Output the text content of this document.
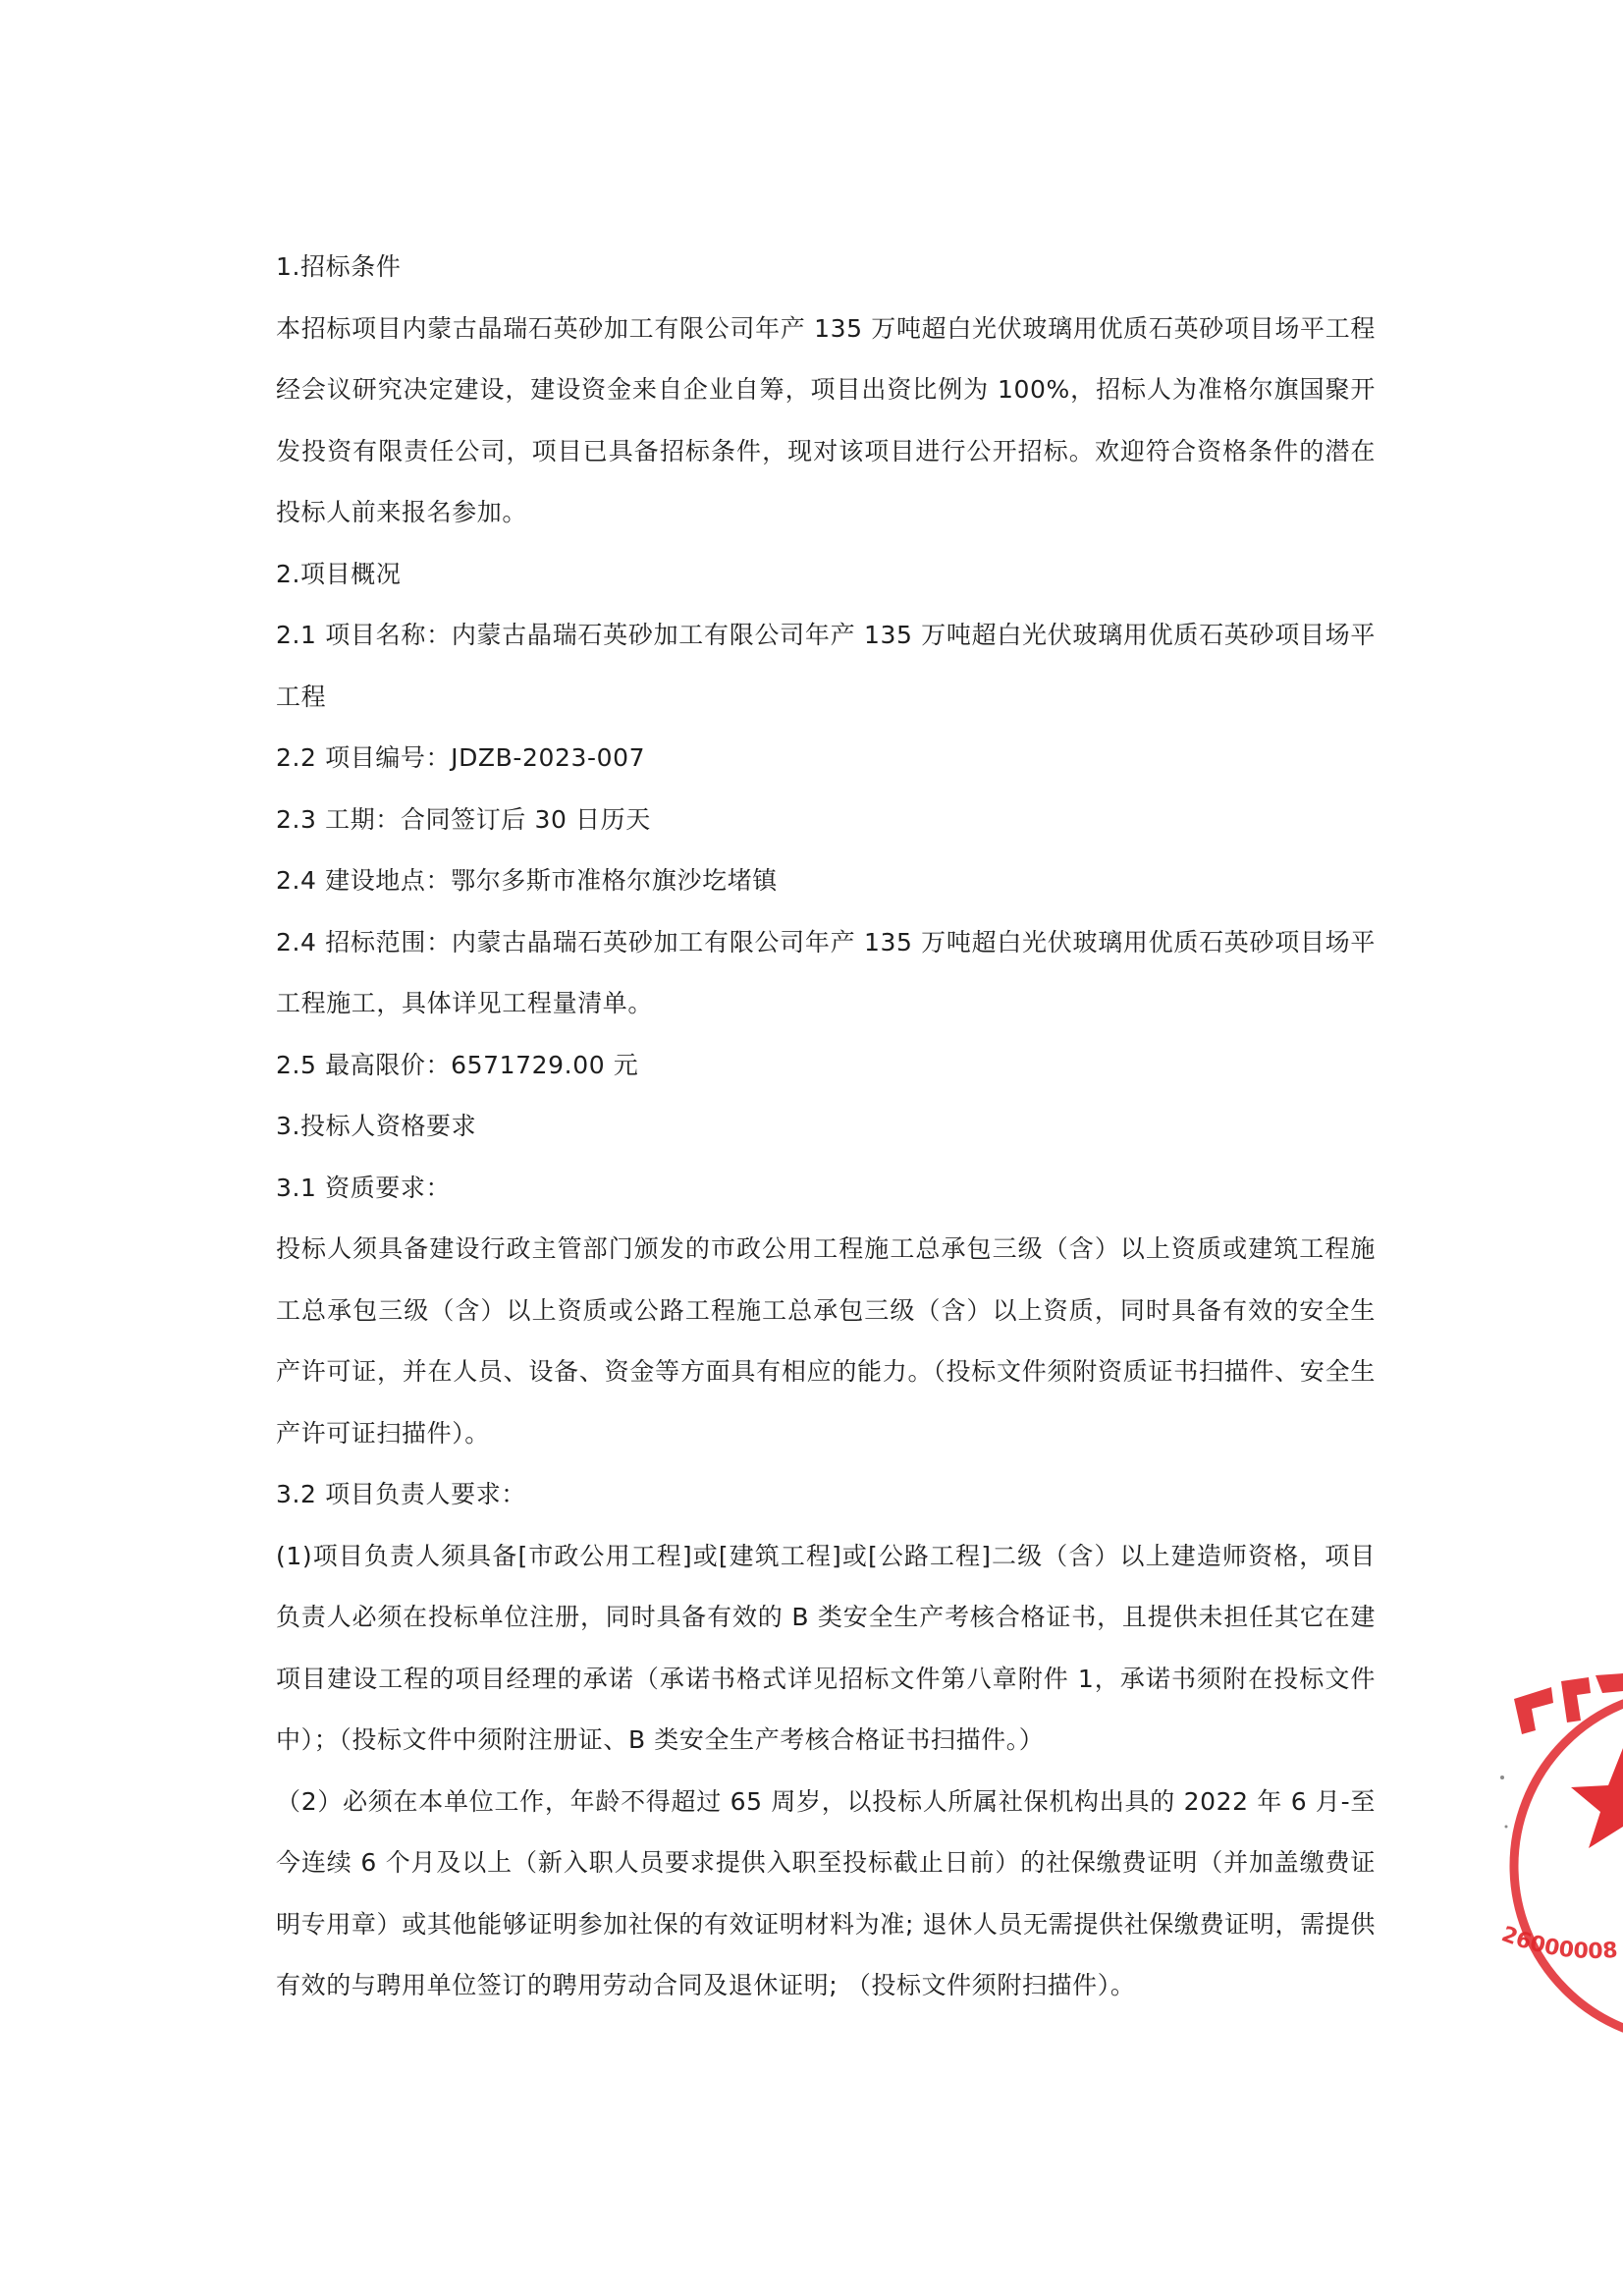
1.招标条件

本招标项目内蒙古晶瑞石英砂加工有限公司年产 135 万吨超白光伏玻璃用优质石英砂项目场平工程经会议研究决定建设，建设资金来自企业自筹，项目出资比例为 100%，招标人为准格尔旗国聚开发投资有限责任公司，项目已具备招标条件，现对该项目进行公开招标。欢迎符合资格条件的潜在投标人前来报名参加。

2.项目概况

2.1 项目名称：内蒙古晶瑞石英砂加工有限公司年产 135 万吨超白光伏玻璃用优质石英砂项目场平工程

2.2 项目编号：JDZB-2023-007

2.3 工期：合同签订后 30 日历天

2.4 建设地点：鄂尔多斯市准格尔旗沙圪堵镇

2.4 招标范围：内蒙古晶瑞石英砂加工有限公司年产 135 万吨超白光伏玻璃用优质石英砂项目场平工程施工，具体详见工程量清单。

2.5 最高限价：6571729.00 元

3.投标人资格要求

3.1 资质要求：

投标人须具备建设行政主管部门颁发的市政公用工程施工总承包三级（含）以上资质或建筑工程施工总承包三级（含）以上资质或公路工程施工总承包三级（含）以上资质，同时具备有效的安全生产许可证，并在人员、设备、资金等方面具有相应的能力。（投标文件须附资质证书扫描件、安全生产许可证扫描件）。

3.2 项目负责人要求：

(1)项目负责人须具备[市政公用工程]或[建筑工程]或[公路工程]二级（含）以上建造师资格，项目负责人必须在投标单位注册，同时具备有效的 B 类安全生产考核合格证书，且提供未担任其它在建项目建设工程的项目经理的承诺（承诺书格式详见招标文件第八章附件 1，承诺书须附在投标文件中）；（投标文件中须附注册证、B 类安全生产考核合格证书扫描件。）

（2）必须在本单位工作，年龄不得超过 65 周岁，以投标人所属社保机构出具的 2022 年 6 月-至今连续 6 个月及以上（新入职人员要求提供入职至投标截止日前）的社保缴费证明（并加盖缴费证明专用章）或其他能够证明参加社保的有效证明材料为准; 退休人员无需提供社保缴费证明，需提供有效的与聘用单位签订的聘用劳动合同及退休证明; （投标文件须附扫描件）。

26000008
